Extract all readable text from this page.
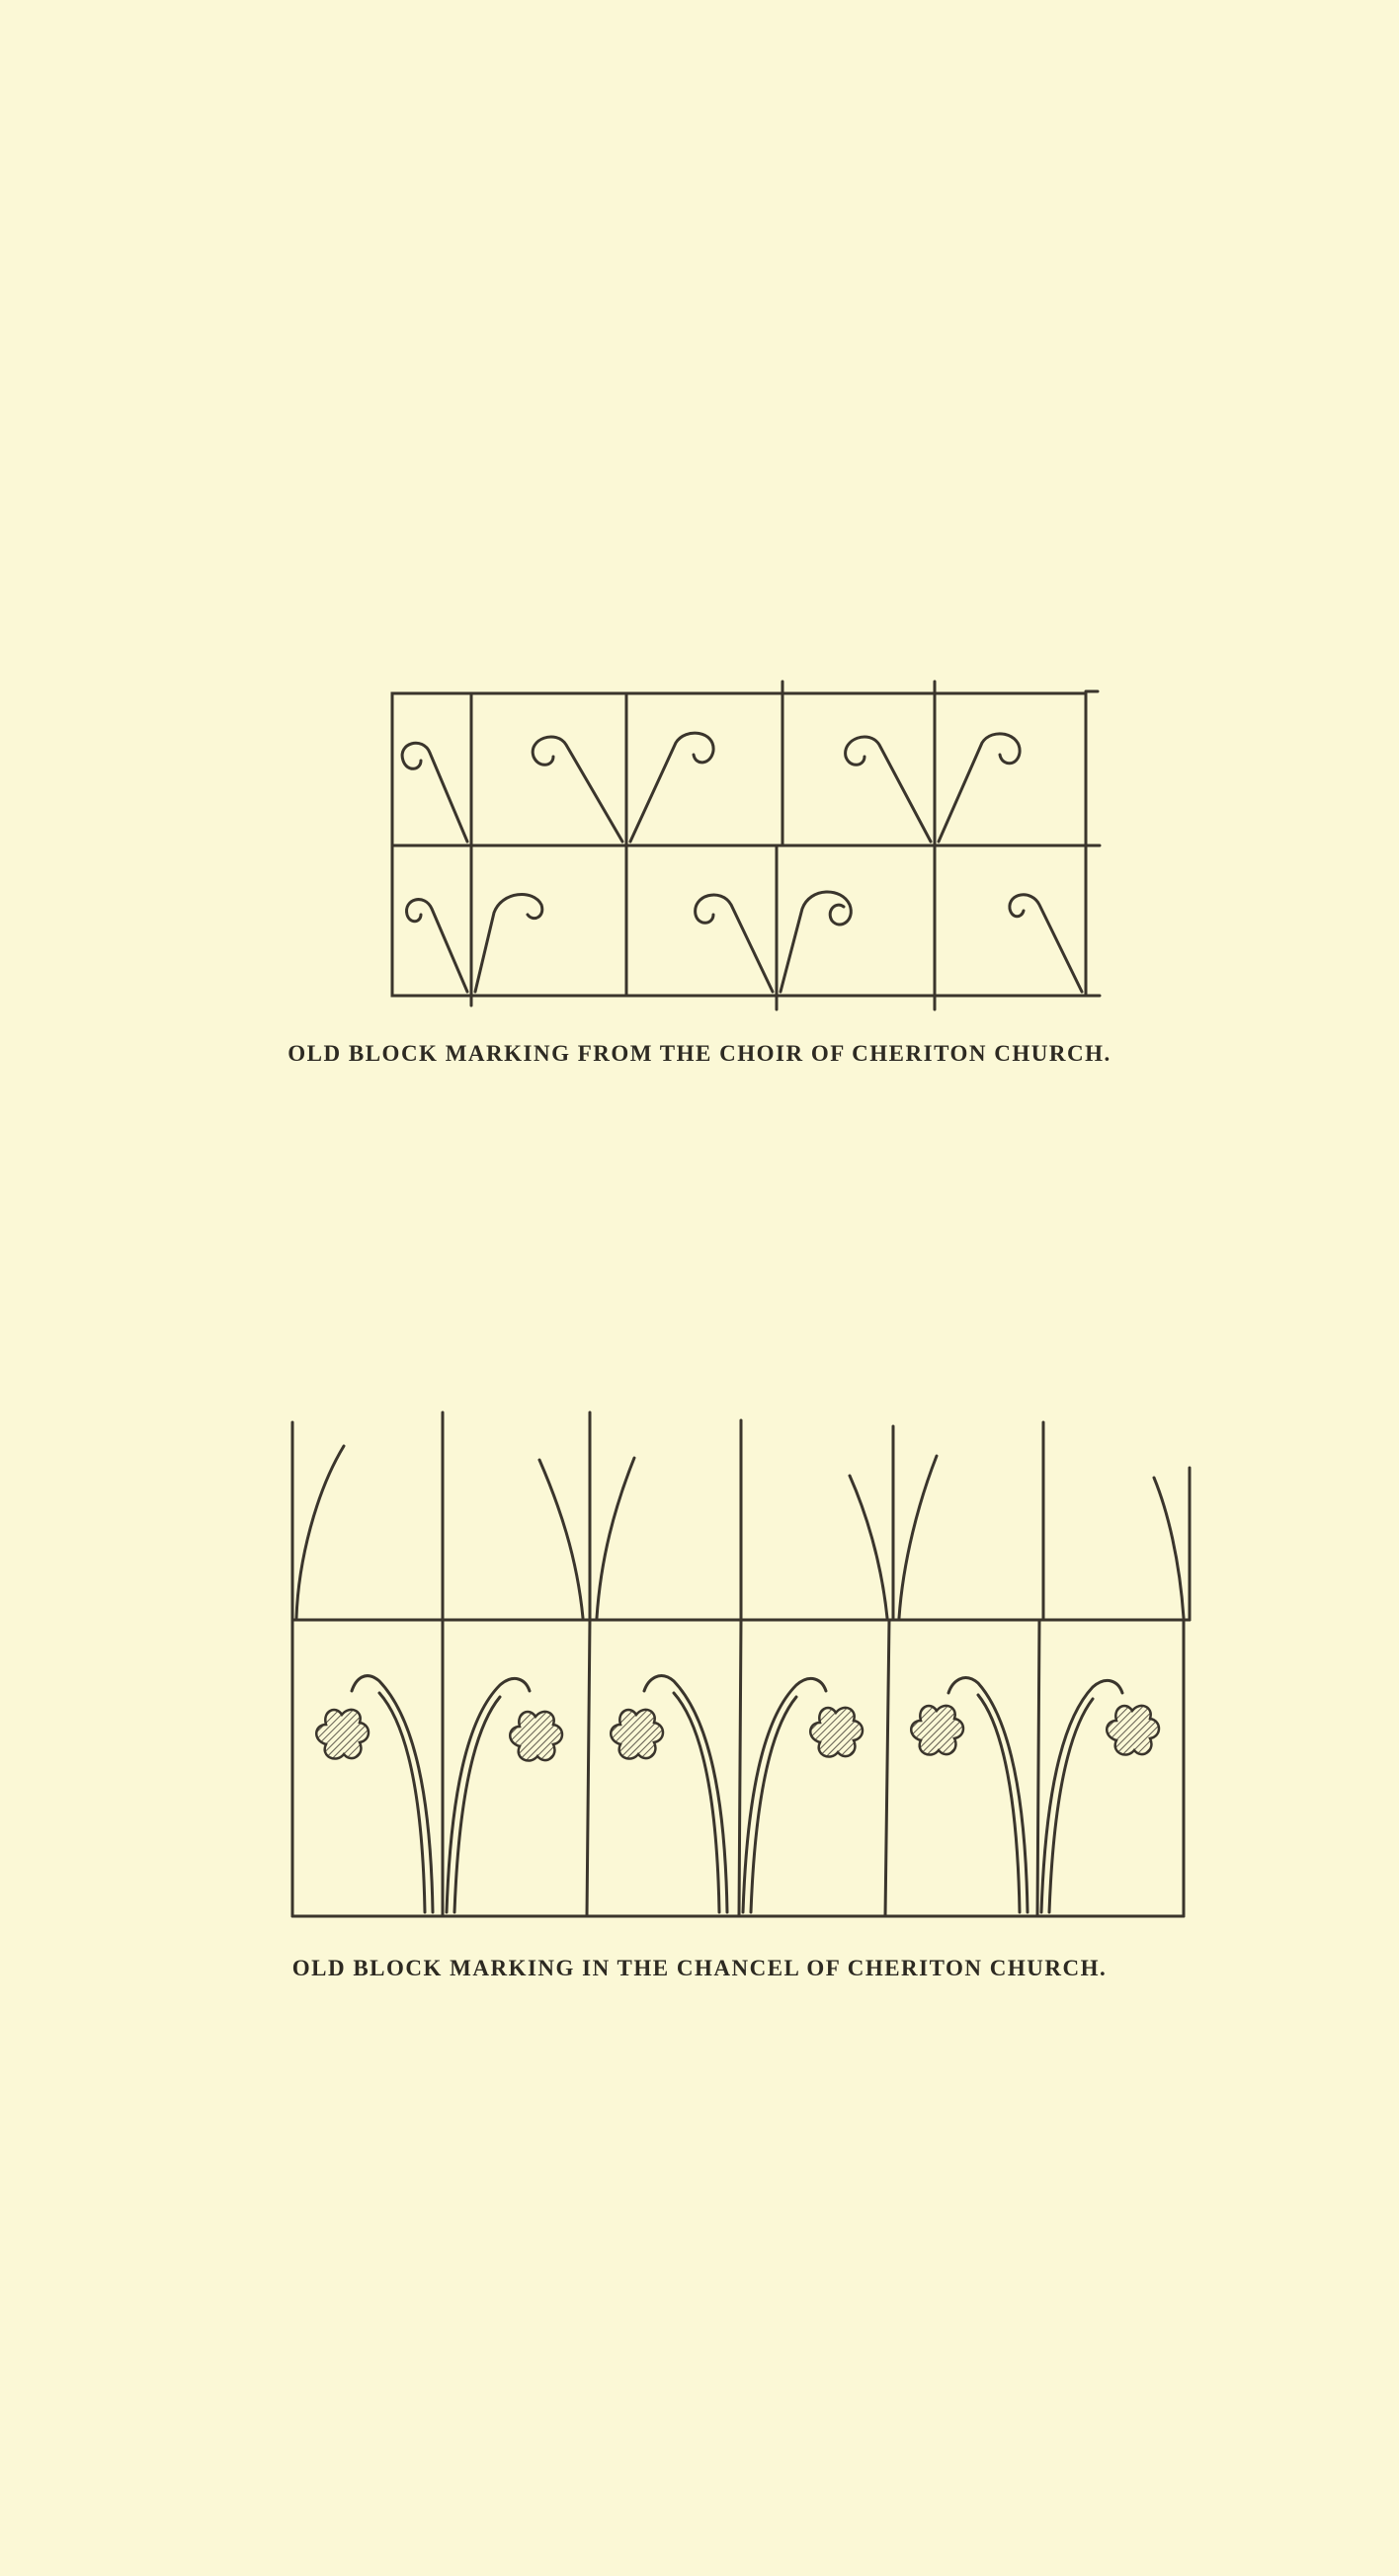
OLD BLOCK MARKING FROM THE CHOIR OF CHERITON CHURCH.
OLD BLOCK MARKING IN THE CHANCEL OF CHERITON CHURCH.
